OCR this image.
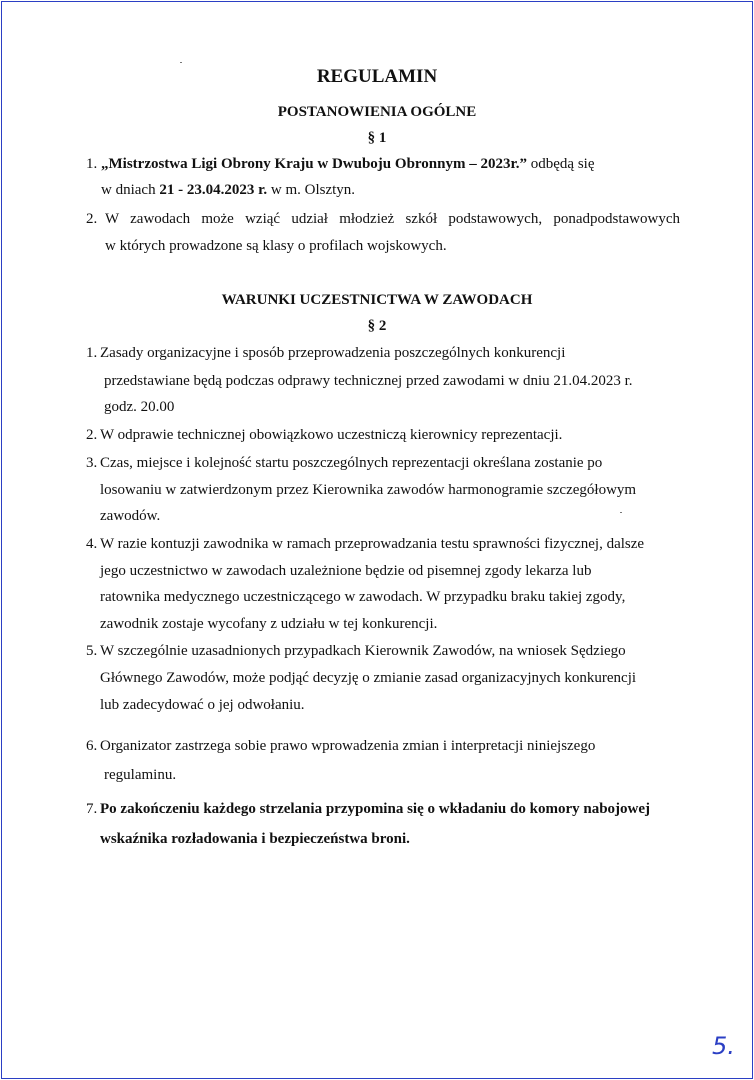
REGULAMIN
POSTANOWIENIA OGÓLNE
§ 1
1. „Mistrzostwa Ligi Obrony Kraju w Dwuboju Obronnym – 2023r.” odbędą się
w dniach 21 - 23.04.2023 r. w m. Olsztyn.
2. W zawodach może wziąć udział młodzież szkół podstawowych, ponadpodstawowych
w których prowadzone są klasy o profilach wojskowych.
WARUNKI UCZESTNICTWA W ZAWODACH
§ 2
1. Zasady organizacyjne i sposób przeprowadzenia poszczególnych konkurencji
przedstawiane będą podczas odprawy technicznej przed zawodami w dniu 21.04.2023 r.
godz. 20.00
2. W odprawie technicznej obowiązkowo uczestniczą kierownicy reprezentacji.
3. Czas, miejsce i kolejność startu poszczególnych reprezentacji określana zostanie po
losowaniu w zatwierdzonym przez Kierownika zawodów harmonogramie szczegółowym
zawodów.
4. W razie kontuzji zawodnika w ramach przeprowadzania testu sprawności fizycznej, dalsze
jego uczestnictwo w zawodach uzależnione będzie od pisemnej zgody lekarza lub
ratownika medycznego uczestniczącego w zawodach. W przypadku braku takiej zgody,
zawodnik zostaje wycofany z udziału w tej konkurencji.
5. W szczególnie uzasadnionych przypadkach Kierownik Zawodów, na wniosek Sędziego
Głównego Zawodów, może podjąć decyzję o zmianie zasad organizacyjnych konkurencji
lub zadecydować o jej odwołaniu.
6. Organizator zastrzega sobie prawo wprowadzenia zmian i interpretacji niniejszego
regulaminu.
7. Po zakończeniu każdego strzelania przypomina się o wkładaniu do komory nabojowej
wskaźnika rozładowania i bezpieczeństwa broni.
5.
